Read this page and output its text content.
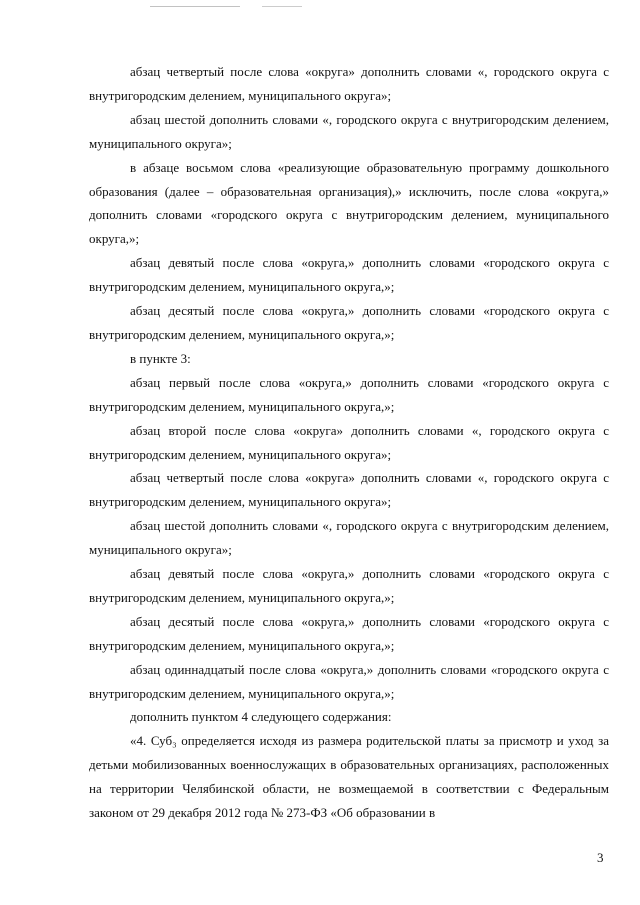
абзац четвертый после слова «округа» дополнить словами «, городского округа с внутригородским делением, муниципального округа»;

абзац шестой дополнить словами «, городского округа с внутригородским делением, муниципального округа»;

в абзаце восьмом слова «реализующие образовательную программу дошкольного образования (далее – образовательная организация),» исключить, после слова «округа,» дополнить словами «городского округа с внутригородским делением, муниципального округа,»;

абзац девятый после слова «округа,» дополнить словами «городского округа с внутригородским делением, муниципального округа,»;

абзац десятый после слова «округа,» дополнить словами «городского округа с внутригородским делением, муниципального округа,»;

в пункте 3:

абзац первый после слова «округа,» дополнить словами «городского округа с внутригородским делением, муниципального округа,»;

абзац второй после слова «округа» дополнить словами «, городского округа с внутригородским делением, муниципального округа»;

абзац четвертый после слова «округа» дополнить словами «, городского округа с внутригородским делением, муниципального округа»;

абзац шестой дополнить словами «, городского округа с внутригородским делением, муниципального округа»;

абзац девятый после слова «округа,» дополнить словами «городского округа с внутригородским делением, муниципального округа,»;

абзац десятый после слова «округа,» дополнить словами «городского округа с внутригородским делением, муниципального округа,»;

абзац одиннадцатый после слова «округа,» дополнить словами «городского округа с внутригородским делением, муниципального округа,»;

дополнить пунктом 4 следующего содержания:

«4. Суб₃ определяется исходя из размера родительской платы за присмотр и уход за детьми мобилизованных военнослужащих в образовательных организациях, расположенных на территории Челябинской области, не возмещаемой в соответствии с Федеральным законом от 29 декабря 2012 года № 273-ФЗ «Об образовании в

3
